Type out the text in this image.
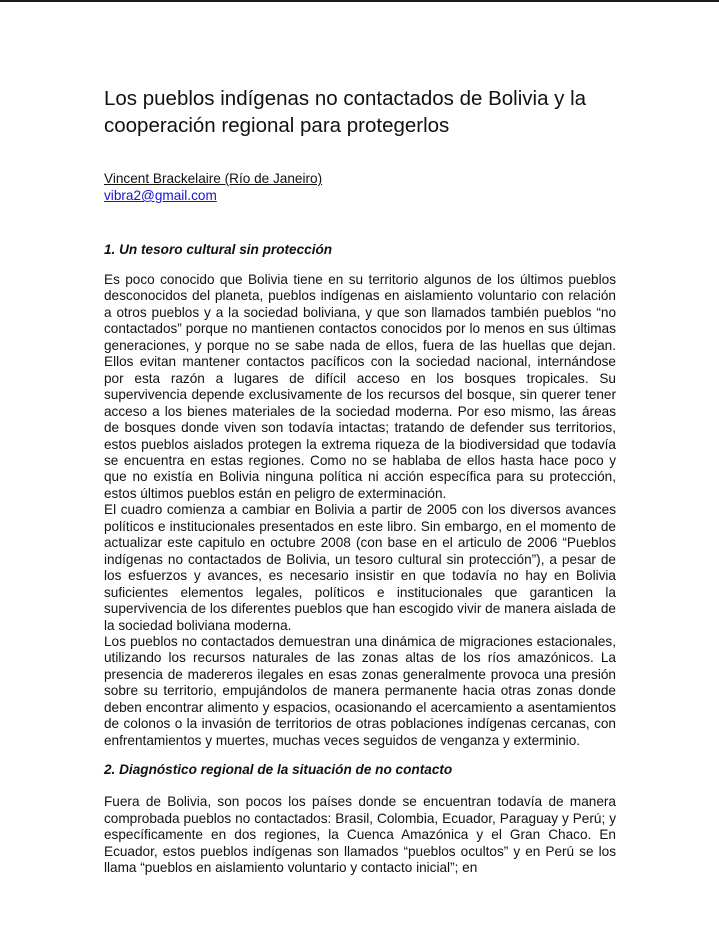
Los pueblos indígenas no contactados de Bolivia y la cooperación regional para protegerlos
Vincent Brackelaire (Río de Janeiro)
vibra2@gmail.com
1. Un tesoro cultural sin protección

Es poco conocido que Bolivia tiene en su territorio algunos de los últimos pueblos desconocidos del planeta, pueblos indígenas en aislamiento voluntario con relación a otros pueblos y a la sociedad boliviana, y que son llamados también pueblos “no contactados” porque no mantienen contactos conocidos por lo menos en sus últimas generaciones, y porque no se sabe nada de ellos, fuera de las huellas que dejan. Ellos evitan mantener contactos pacíficos con la sociedad nacional, internándose por esta razón a lugares de difícil acceso en los bosques tropicales. Su supervivencia depende exclusivamente de los recursos del bosque, sin querer tener acceso a los bienes materiales de la sociedad moderna. Por eso mismo, las áreas de bosques donde viven son todavía intactas; tratando de defender sus territorios, estos pueblos aislados protegen la extrema riqueza de la biodiversidad que todavía se encuentra en estas regiones. Como no se hablaba de ellos hasta hace poco y que no existía en Bolivia ninguna política ni acción específica para su protección, estos últimos pueblos están en peligro de exterminación.

El cuadro comienza a cambiar en Bolivia a partir de 2005 con los diversos avances políticos e institucionales presentados en este libro. Sin embargo, en el momento de actualizar este capitulo en octubre 2008 (con base en el articulo de 2006 “Pueblos indígenas no contactados de Bolivia, un tesoro cultural sin protección”), a pesar de los esfuerzos y avances, es necesario insistir en que todavía no hay en Bolivia suficientes elementos legales, políticos e institucionales que garanticen la supervivencia de los diferentes pueblos que han escogido vivir de manera aislada de la sociedad boliviana moderna.

Los pueblos no contactados demuestran una dinámica de migraciones estacionales, utilizando los recursos naturales de las zonas altas de los ríos amazónicos. La presencia de madereros ilegales en esas zonas generalmente provoca una presión sobre su territorio, empujándolos de manera permanente hacia otras zonas donde deben encontrar alimento y espacios, ocasionando el acercamiento a asentamientos de colonos o la invasión de territorios de otras poblaciones indígenas cercanas, con enfrentamientos y muertes, muchas veces seguidos de venganza y exterminio.

2. Diagnóstico regional de la situación de no contacto

Fuera de Bolivia, son pocos los países donde se encuentran todavía de manera comprobada pueblos no contactados: Brasil, Colombia, Ecuador, Paraguay y Perú; y específicamente en dos regiones, la Cuenca Amazónica y el Gran Chaco. En Ecuador, estos pueblos indígenas son llamados “pueblos ocultos” y en Perú se los llama “pueblos en aislamiento voluntario y contacto inicial”; en
